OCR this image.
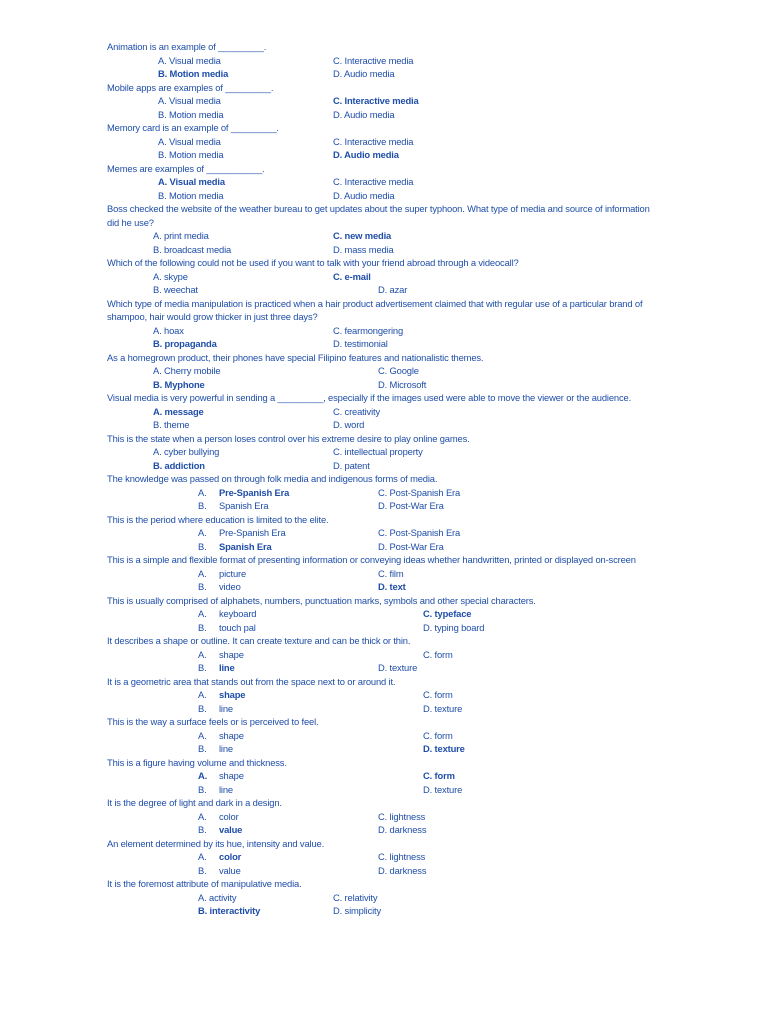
Animation is an example of _________.
A. Visual media	C. Interactive media
B. Motion media	D. Audio media
Mobile apps are examples of _________.
A. Visual media	C. Interactive media
B. Motion media	D. Audio media
Memory card is an example of _________.
A. Visual media	C. Interactive media
B. Motion media	D. Audio media
Memes are examples of ___________.
A. Visual media	C. Interactive media
B. Motion media	D. Audio media
Boss checked the website of the weather bureau to get updates about the super typhoon. What type of media and source of information
did he use?
A. print media	C. new media
B. broadcast media	D. mass media
Which of the following could not be used if you want to talk with your friend abroad through a videocall?
A. skype	C. e-mail
B. weechat	D. azar
Which type of media manipulation is practiced when a hair product advertisement claimed that with regular use of a particular brand of
shampoo, hair would grow thicker in just three days?
A. hoax	C. fearmongering
B. propaganda	D. testimonial
As a homegrown product, their phones have special Filipino features and nationalistic themes.
A. Cherry mobile	C. Google
B. Myphone	D. Microsoft
Visual media is very powerful in sending a _________, especially if the images used were able to move the viewer or the audience.
A. message	C. creativity
B. theme	D. word
This is the state when a person loses control over his extreme desire to play online games.
A. cyber bullying	C. intellectual property
B. addiction	D. patent
The knowledge was passed on through folk media and indigenous forms of media.
A. Pre-Spanish Era	C. Post-Spanish Era
B. Spanish Era	D. Post-War Era
This is the period where education is limited to the elite.
A. Pre-Spanish Era	C. Post-Spanish Era
B. Spanish Era	D. Post-War Era
This is a simple and flexible format of presenting information or conveying ideas whether handwritten, printed or displayed on-screen
A. picture	C. film
B. video	D. text
This is usually comprised of alphabets, numbers, punctuation marks, symbols and other special characters.
A. keyboard	C. typeface
B. touch pal	D. typing board
It describes a shape or outline. It can create texture and can be thick or thin.
A. shape	C. form
B. line	D. texture
It is a geometric area that stands out from the space next to or around it.
A. shape	C. form
B. line	D. texture
This is the way a surface feels or is perceived to feel.
A. shape	C. form
B. line	D. texture
This is a figure having volume and thickness.
A. shape	C. form
B. line	D. texture
It is the degree of light and dark in a design.
A. color	C. lightness
B. value	D. darkness
An element determined by its hue, intensity and value.
A. color	C. lightness
B. value	D. darkness
It is the foremost attribute of manipulative media.
A. activity	C. relativity
B. interactivity	D. simplicity
